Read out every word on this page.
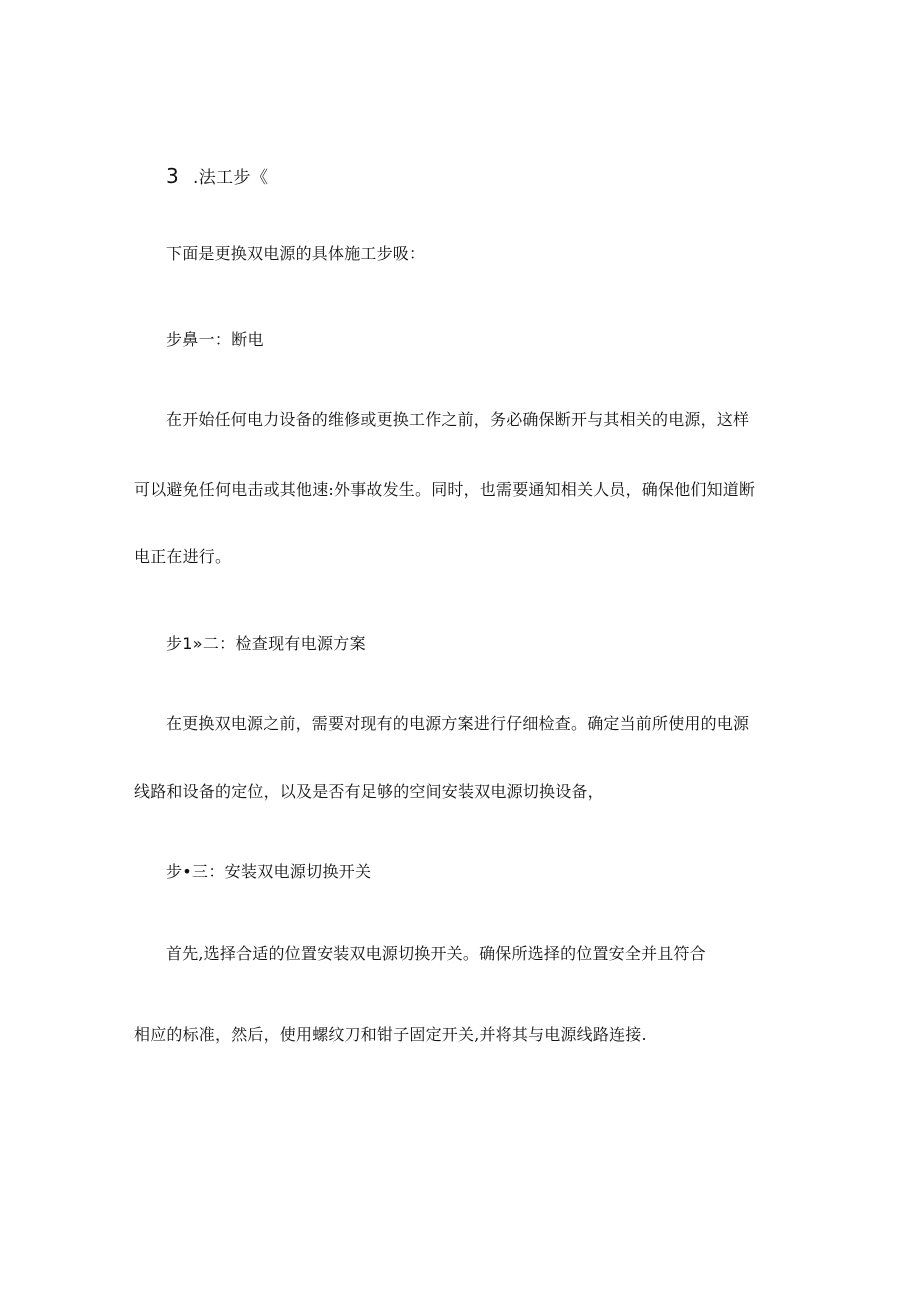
3 .法工步《
下面是更换双电源的具体施工步吸：
步鼻一：断电
在开始任何电力设备的维修或更换工作之前，务必确保断开与其相关的电源，这样
可以避免任何电击或其他速:外事故发生。同时，也需要通知相关人员，确保他们知道断
电正在进行。
步1»二：检查现有电源方案
在更换双电源之前，需要对现有的电源方案进行仔细检查。确定当前所使用的电源
线路和设备的定位，以及是否有足够的空间安装双电源切换设备，
步•三：安装双电源切换开关
首先,选择合适的位置安装双电源切换开关。确保所选择的位置安全并且符合
相应的标准，然后，使用螺纹刀和钳子固定开关,并将其与电源线路连接.
